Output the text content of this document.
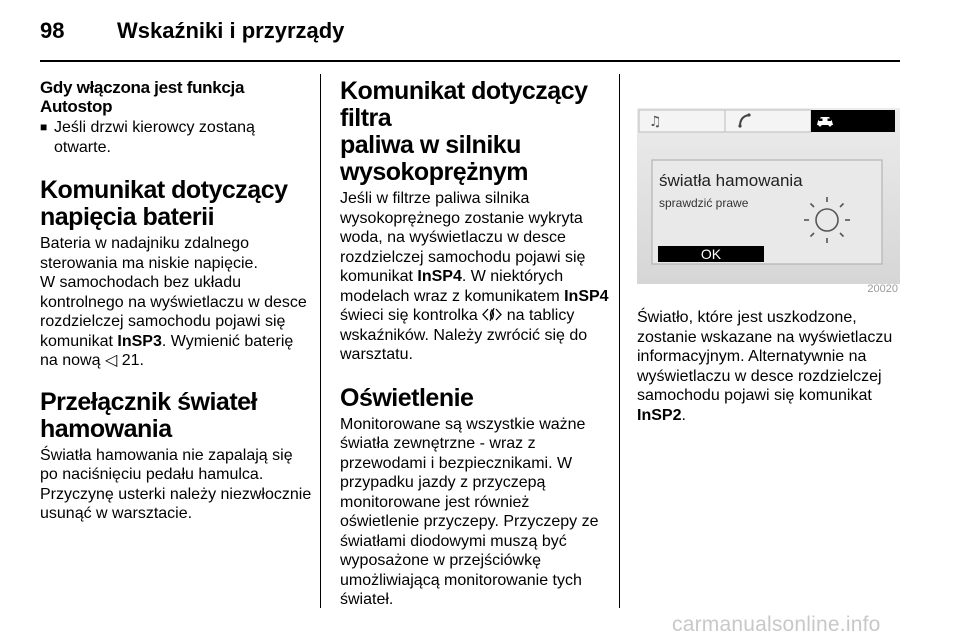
98 Wskaźniki i przyrządy
Gdy włączona jest funkcja Autostop
■ Jeśli drzwi kierowcy zostaną otwarte.
Komunikat dotyczący
napięcia baterii

Bateria w nadajniku zdalnego sterowania ma niskie napięcie.

W samochodach bez układu kontrolnego na wyświetlaczu w desce rozdzielczej samochodu pojawi się komunikat InSP3. Wymienić baterię na nową ◁ 21.

Przełącznik świateł
hamowania

Światła hamowania nie zapalają się po naciśnięciu pedału hamulca. Przyczynę usterki należy niezwłocznie usunąć w warsztacie.

Komunikat dotyczący filtra
paliwa w silniku
wysokoprężnym

Jeśli w filtrze paliwa silnika wysokoprężnego zostanie wykryta woda, na wyświetlaczu w desce rozdzielczej samochodu pojawi się komunikat InSP4. W niektórych modelach wraz z komunikatem InSP4 świeci się kontrolka  na tablicy wskaźników. Należy zwrócić się do warsztatu.

Oświetlenie

Monitorowane są wszystkie ważne światła zewnętrzne - wraz z przewodami i bezpiecznikami. W przypadku jazdy z przyczepą monitorowane jest również oświetlenie przyczepy. Przyczepy ze światłami diodowymi muszą być wyposażone w przejściówkę umożliwiającą monitorowanie tych świateł.

♫
światła hamowania
sprawdzić prawe
OK
20020

Światło, które jest uszkodzone, zostanie wskazane na wyświetlaczu informacyjnym. Alternatywnie na wyświetlaczu w desce rozdzielczej samochodu pojawi się komunikat InSP2.

carmanualsonline.info
